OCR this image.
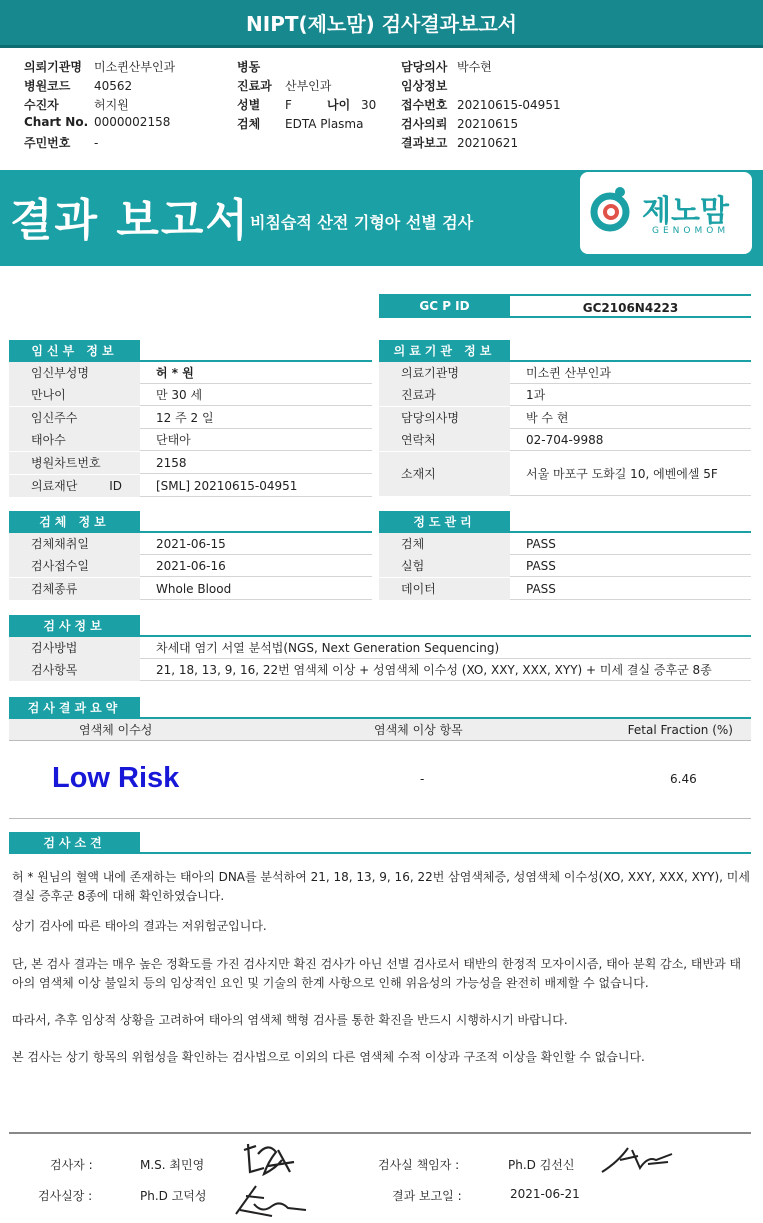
NIPT(제노맘) 검사결과보고서
의뢰기관명 미소퀸산부인과
병원코드 40562
수진자	허지원
Chart No. 0000002158
주민번호 -
병동
진료과 산부인과
성별 F	나이 30
검체 EDTA Plasma
담당의사 박수현
임상정보
접수번호 20210615-04951
검사의뢰 20210615
결과보고 20210621
결과 보고서 비침습적 산전 기형아 선별 검사	제노맘
GENOMOM
GC P ID	GC2106N4223
임신부 정보	의료기관 정보
검체 정보	정도관리
검사정보
검사결과요약
염색체 이수성	염색체 이상 항목	Fetal Fraction (%)
Low Risk	-	6.46
검사소견
허 * 원님의 혈액 내에 존재하는 태아의 DNA를 분석하여 21, 18, 13, 9, 16, 22번 삼염색체증, 성염색체 이수성(XO, XXY, XXX, XYY), 미세 결실 증후군 8종에 대해 확인하였습니다.
상기 검사에 따른 태아의 결과는 저위험군입니다.
단, 본 검사 결과는 매우 높은 정확도를 가진 검사지만 확진 검사가 아닌 선별 검사로서 태반의 한정적 모자이시즘, 태아 분획 감소, 태반과 태아의 염색체 이상 불일치 등의 임상적인 요인 및 기술의 한계 사항으로 인해 위음성의 가능성을 완전히 배제할 수 없습니다.
따라서, 추후 임상적 상황을 고려하여 태아의 염색체 핵형 검사를 통한 확진을 반드시 시행하시기 바랍니다.
본 검사는 상기 항목의 위험성을 확인하는 검사법으로 이외의 다른 염색체 수적 이상과 구조적 이상을 확인할 수 없습니다.
검사자 :	M.S. 최민영	검사실 책임자 :	Ph.D 김선신
검사실장 :	Ph.D 고덕성	결과 보고일 :	2021-06-21
임신부성명	허 * 원
만나이	만 30 세
임신주수	12 주 2 일
태아수	단태아
병원차트번호	2158
의료재단 ID	[SML] 20210615-04951
의료기관명	미소퀸 산부인과
진료과	1과
담당의사명	박 수 현
연락처	02-704-9988
소재지	서울 마포구 도화길 10, 에벤에셀 5F
검체채취일	2021-06-15
검사접수일	2021-06-16
검체종류	Whole Blood
검체	PASS
실험	PASS
데이터	PASS
검사방법	차세대 염기 서열 분석법(NGS, Next Generation Sequencing)
검사항목	21, 18, 13, 9, 16, 22번 염색체 이상 + 성염색체 이수성 (XO, XXY, XXX, XYY) + 미세 결실 증후군 8종
